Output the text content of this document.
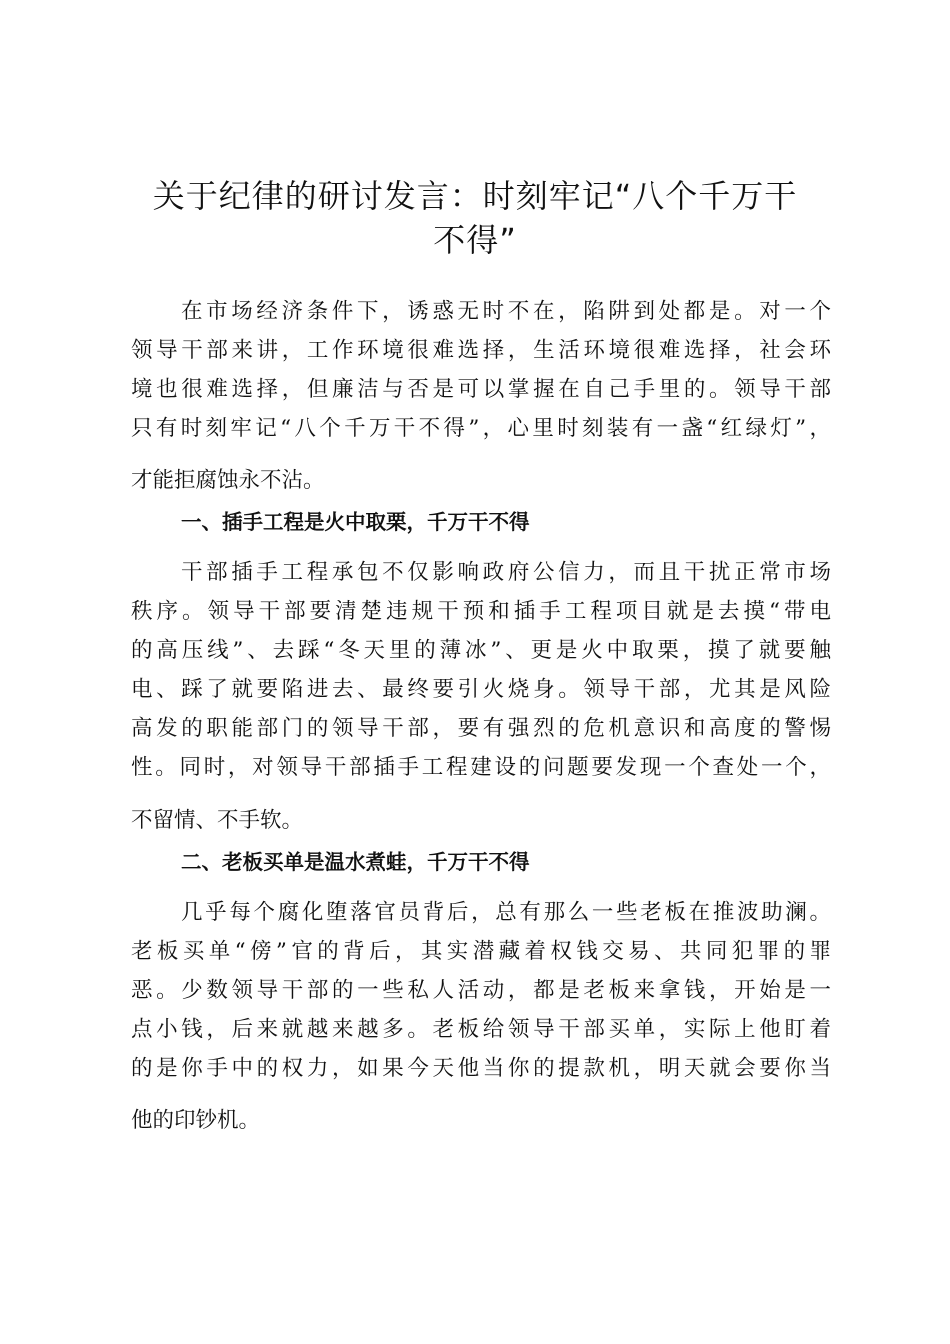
关于纪律的研讨发言：时刻牢记“八个千万干
不得”

在市场经济条件下，诱惑无时不在，陷阱到处都是。对一个

领导干部来讲，工作环境很难选择，生活环境很难选择，社会环

境也很难选择，但廉洁与否是可以掌握在自己手里的。领导干部

只有时刻牢记“八个千万干不得”，心里时刻装有一盏“红绿灯”，

才能拒腐蚀永不沾。

一、插手工程是火中取栗，千万干不得

干部插手工程承包不仅影响政府公信力，而且干扰正常市场

秩序。领导干部要清楚违规干预和插手工程项目就是去摸“带电

的高压线”、去踩“冬天里的薄冰”、更是火中取栗，摸了就要触

电、踩了就要陷进去、最终要引火烧身。领导干部，尤其是风险

高发的职能部门的领导干部，要有强烈的危机意识和高度的警惕

性。同时，对领导干部插手工程建设的问题要发现一个查处一个，

不留情、不手软。

二、老板买单是温水煮蛙，千万干不得

几乎每个腐化堕落官员背后，总有那么一些老板在推波助澜。

老板买单“傍”官的背后，其实潜藏着权钱交易、共同犯罪的罪

恶。少数领导干部的一些私人活动，都是老板来拿钱，开始是一

点小钱，后来就越来越多。老板给领导干部买单，实际上他盯着

的是你手中的权力，如果今天他当你的提款机，明天就会要你当

他的印钞机。
